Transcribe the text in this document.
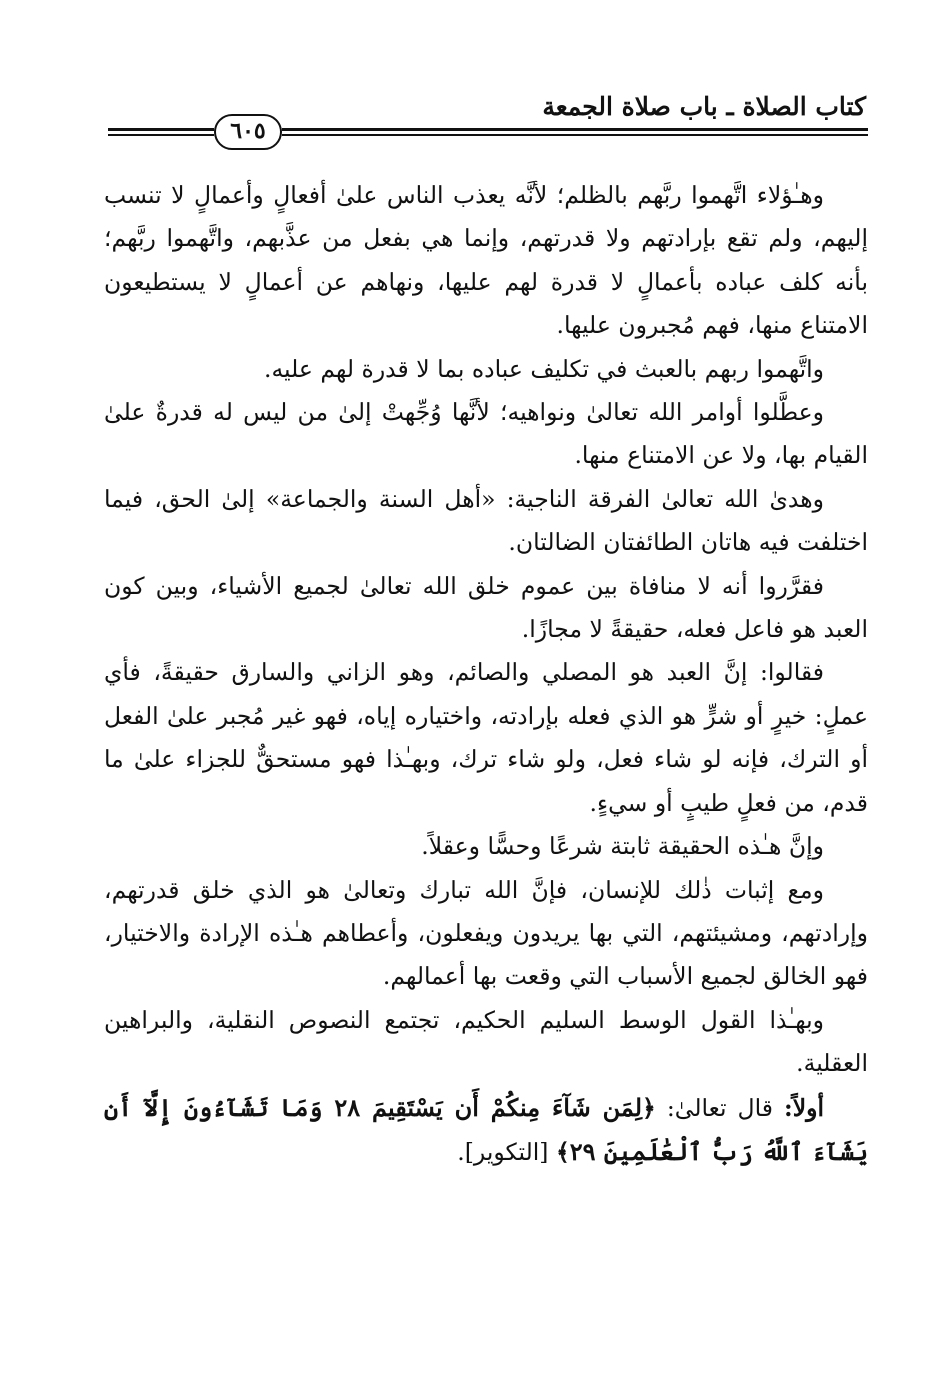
كتاب الصلاة ـ باب صلاة الجمعة
٦٠٥

وهـٰؤلاء اتَّهموا ربَّهم بالظلم؛ لأنَّه يعذب الناس علىٰ أفعالٍ وأعمالٍ لا تنسب إليهم، ولم تقع بإرادتهم ولا قدرتهم، وإنما هي بفعل من عذَّبهم، واتَّهموا ربَّهم؛ بأنه كلف عباده بأعمالٍ لا قدرة لهم عليها، ونهاهم عن أعمالٍ لا يستطيعون الامتناع منها، فهم مُجبرون عليها.

واتَّهموا ربهم بالعبث في تكليف عباده بما لا قدرة لهم عليه.

وعطَّلوا أوامر الله تعالىٰ ونواهيه؛ لأنَّها وُجِّهتْ إلىٰ من ليس له قدرةٌ علىٰ القيام بها، ولا عن الامتناع منها.

وهدىٰ الله تعالىٰ الفرقة الناجية: «أهل السنة والجماعة» إلىٰ الحق، فيما اختلفت فيه هاتان الطائفتان الضالتان.

فقرَّروا أنه لا منافاة بين عموم خلق الله تعالىٰ لجميع الأشياء، وبين كون العبد هو فاعل فعله، حقيقةً لا مجازًا.

فقالوا: إنَّ العبد هو المصلي والصائم، وهو الزاني والسارق حقيقةً، فأي عملٍ: خيرٍ أو شرٍّ هو الذي فعله بإرادته، واختياره إياه، فهو غير مُجبر علىٰ الفعل أو الترك، فإنه لو شاء فعل، ولو شاء ترك، وبهـٰذا فهو مستحقٌّ للجزاء علىٰ ما قدم، من فعلٍ طيبٍ أو سيءٍ.

وإنَّ هـٰذه الحقيقة ثابتة شرعًا وحسًّا وعقلاً.

ومع إثبات ذٰلك للإنسان، فإنَّ الله تبارك وتعالىٰ هو الذي خلق قدرتهم، وإرادتهم، ومشيئتهم، التي بها يريدون ويفعلون، وأعطاهم هـٰذه الإرادة والاختيار، فهو الخالق لجميع الأسباب التي وقعت بها أعمالهم.

وبهـٰذا القول الوسط السليم الحكيم، تجتمع النصوص النقلية، والبراهين العقلية.

أولاً: قال تعالىٰ: ﴿لِمَن شَآءَ مِنكُمْ أَن يَسْتَقِيمَ ٢٨ وَمَا تَشَآءُونَ إِلَّآ أَن يَشَآءَ ٱللَّهُ رَبُّ ٱلْعَٰلَمِينَ ٢٩﴾ [التكوير].
